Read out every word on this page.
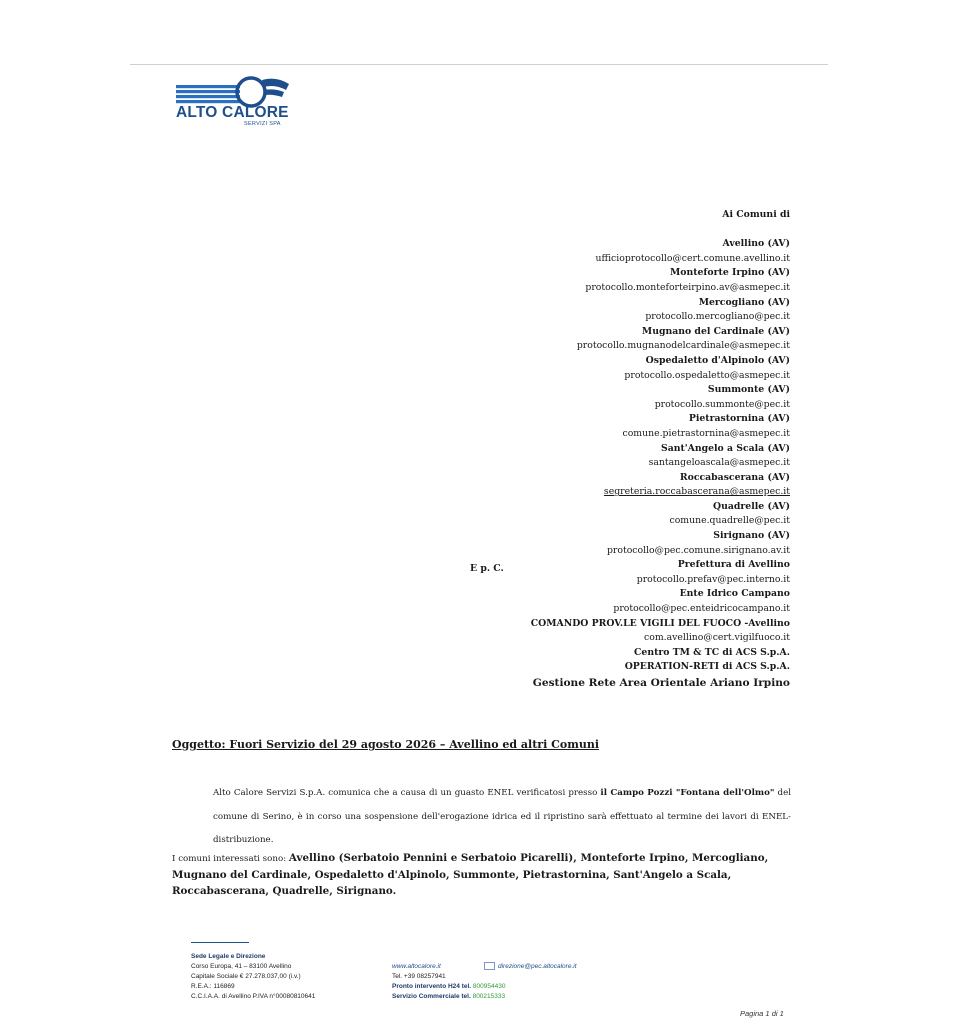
ALTO CALORE
SERVIZI SPA
Ai Comuni di
Avellino (AV)
ufficioprotocollo@cert.comune.avellino.it
Monteforte Irpino (AV)
protocollo.monteforteirpino.av@asmepec.it
Mercogliano (AV)
protocollo.mercogliano@pec.it
Mugnano del Cardinale (AV)
protocollo.mugnanodelcardinale@asmepec.it
Ospedaletto d'Alpinolo (AV)
protocollo.ospedaletto@asmepec.it
Summonte (AV)
protocollo.summonte@pec.it
Pietrastornina (AV)
comune.pietrastornina@asmepec.it
Sant'Angelo a Scala (AV)
santangeloascala@asmepec.it
Roccabascerana (AV)
segreteria.roccabascerana@asmepec.it
Quadrelle (AV)
comune.quadrelle@pec.it
Sirignano (AV)
protocollo@pec.comune.sirignano.av.it
Prefettura di Avellino
protocollo.prefav@pec.interno.it
Ente Idrico Campano
protocollo@pec.enteidricocampano.it
COMANDO PROV.LE VIGILI DEL FUOCO -Avellino
com.avellino@cert.vigilfuoco.it
Centro TM & TC di ACS S.p.A.
OPERATION-RETI di ACS S.p.A.
Gestione Rete Area Orientale Ariano Irpino
E p. C.
Oggetto: Fuori Servizio del 29 agosto 2026 – Avellino ed altri Comuni
Alto Calore Servizi S.p.A. comunica che a causa di un guasto ENEL verificatosi presso il Campo Pozzi "Fontana dell'Olmo" del comune di Serino, è in corso una sospensione dell'erogazione idrica ed il ripristino sarà effettuato al termine dei lavori di ENEL-distribuzione.
I comuni interessati sono: Avellino (Serbatoio Pennini e Serbatoio Picarelli), Monteforte Irpino, Mercogliano, Mugnano del Cardinale, Ospedaletto d'Alpinolo, Summonte, Pietrastornina, Sant'Angelo a Scala, Roccabascerana, Quadrelle, Sirignano.
Sede Legale e Direzione
Corso Europa, 41 – 83100 Avellino
Capitale Sociale € 27.278.037,00 (i.v.)
R.E.A.: 116869
C.C.I.A.A. di Avellino P.IVA n°00080810641
www.altocalore.it
Tel. +39 08257941
Pronto intervento H24 tel. 800954430
Servizio Commerciale tel. 800215333
direzione@pec.altocalore.it
Pagina 1 di 1
